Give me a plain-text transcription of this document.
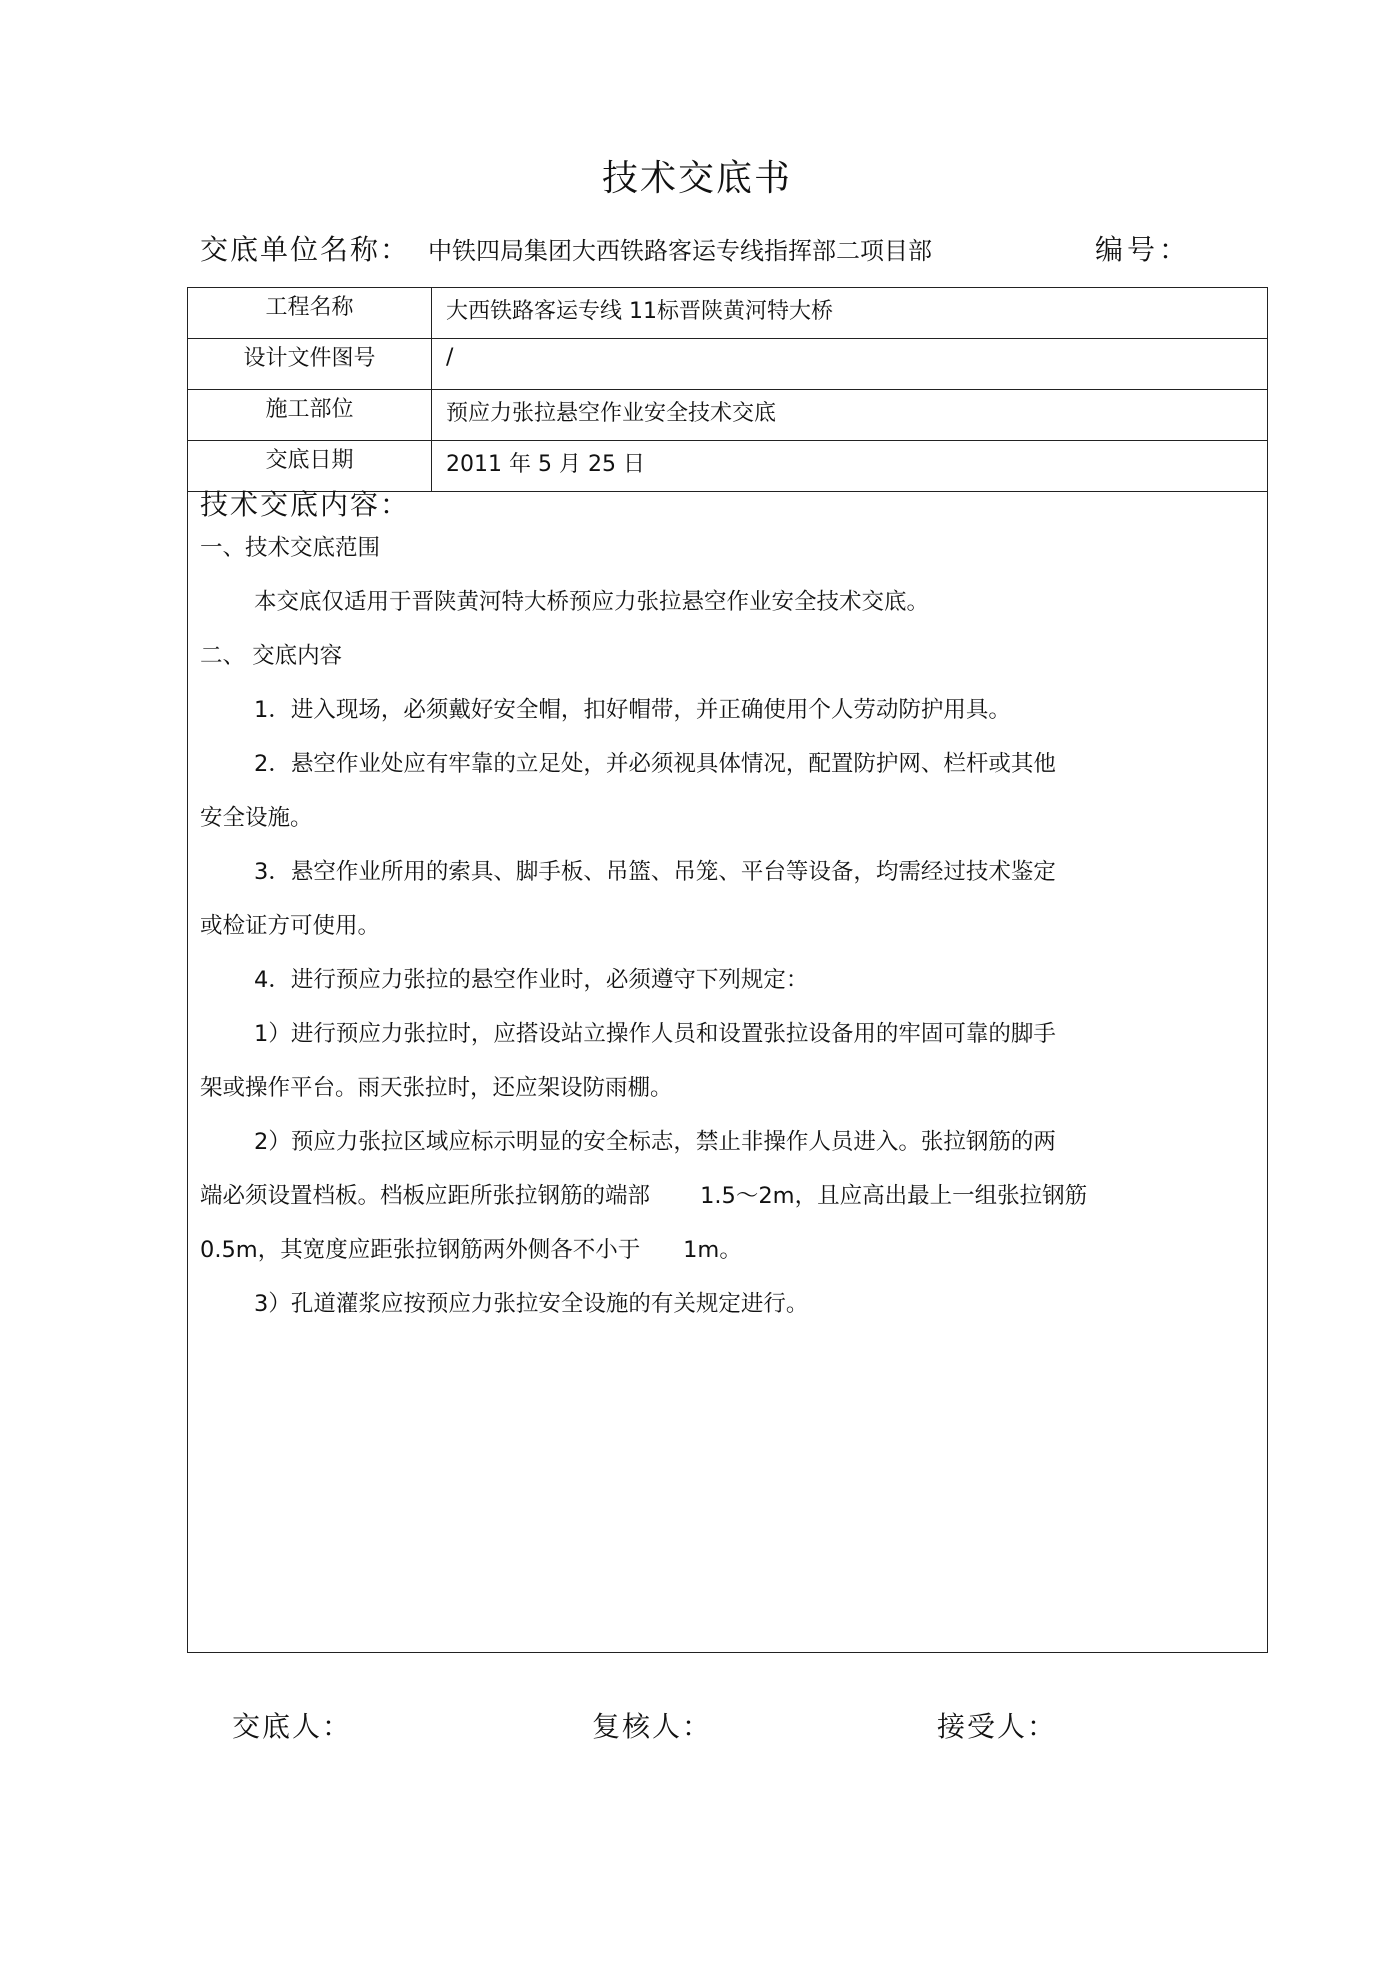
技术交底书
交底单位名称： 中铁四局集团大西铁路客运专线指挥部二项目部	编号：
工程名称	大西铁路客运专线 11标晋陕黄河特大桥
设计文件图号	/
施工部位	预应力张拉悬空作业安全技术交底
交底日期	2011 年 5 月 25 日
技术交底内容：
一、技术交底范围
本交底仅适用于晋陕黄河特大桥预应力张拉悬空作业安全技术交底。
二、 交底内容
1．进入现场，必须戴好安全帽，扣好帽带，并正确使用个人劳动防护用具。
2．悬空作业处应有牢靠的立足处，并必须视具体情况，配置防护网、栏杆或其他
安全设施。
3．悬空作业所用的索具、脚手板、吊篮、吊笼、平台等设备，均需经过技术鉴定
或检证方可使用。
4．进行预应力张拉的悬空作业时，必须遵守下列规定：
1）进行预应力张拉时，应搭设站立操作人员和设置张拉设备用的牢固可靠的脚手
架或操作平台。雨天张拉时，还应架设防雨棚。
2）预应力张拉区域应标示明显的安全标志，禁止非操作人员进入。张拉钢筋的两
端必须设置档板。档板应距所张拉钢筋的端部       1.5～2m，且应高出最上一组张拉钢筋
0.5m，其宽度应距张拉钢筋两外侧各不小于      1m。
3）孔道灌浆应按预应力张拉安全设施的有关规定进行。
交底人：	复核人：	接受人：
